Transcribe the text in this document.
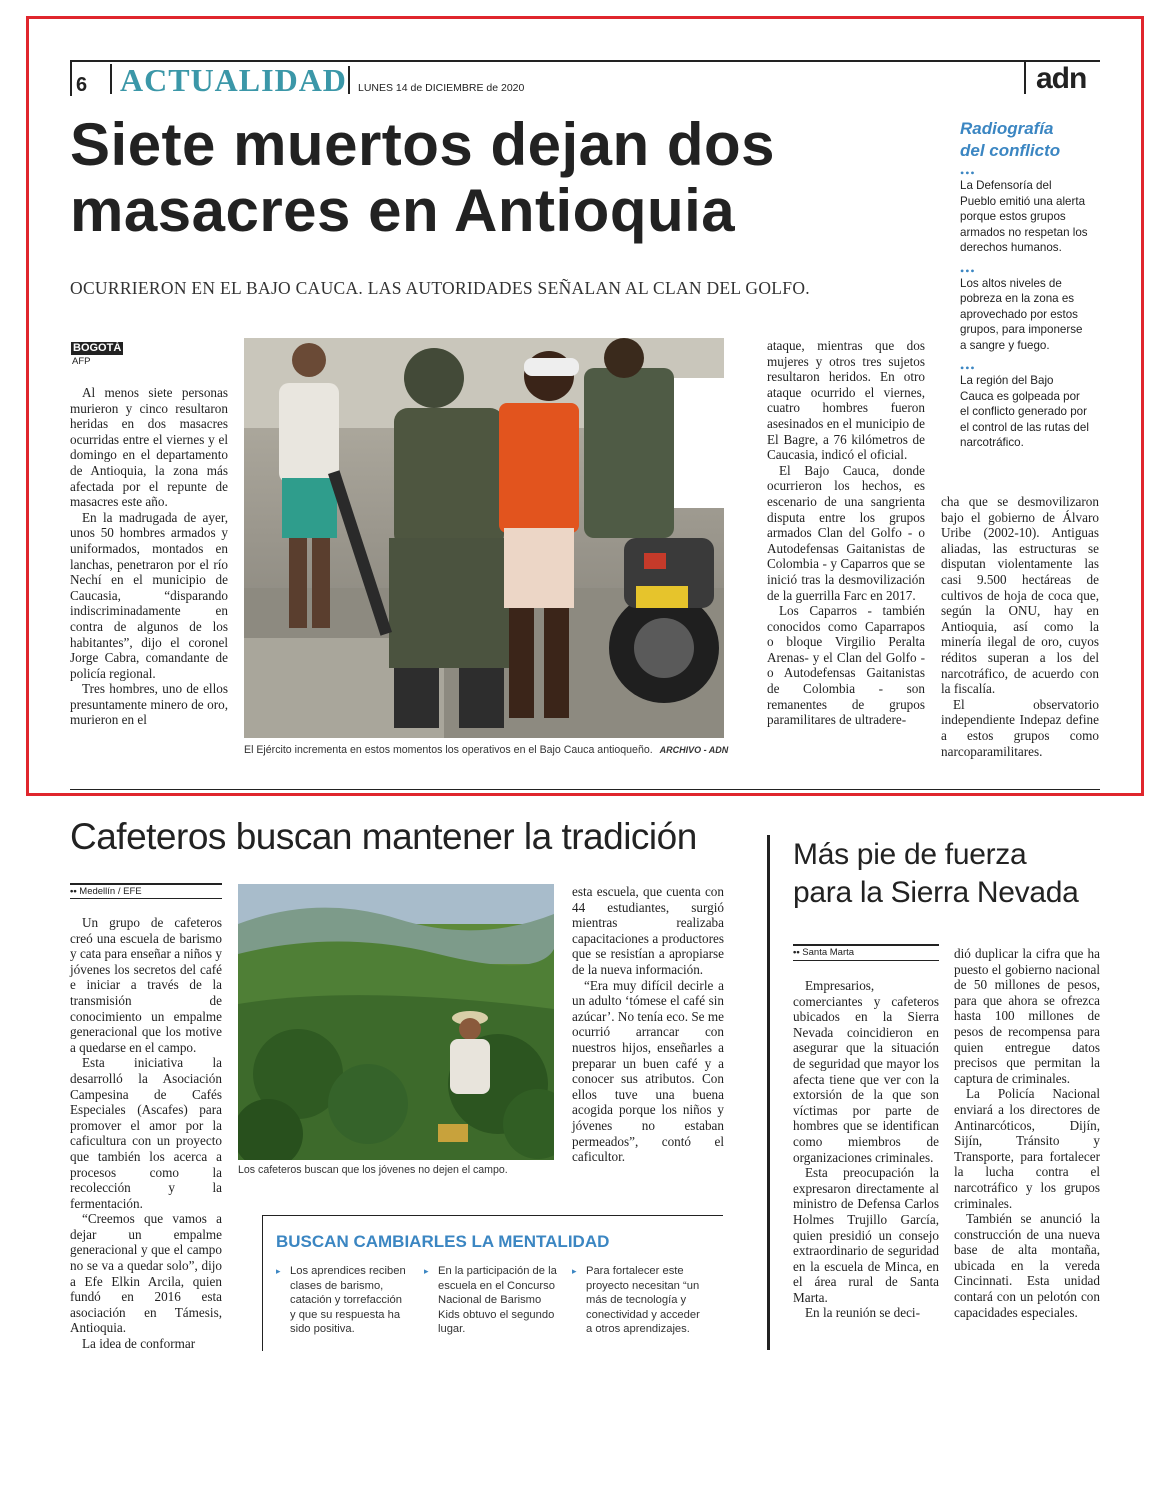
6 ACTUALIDAD LUNES 14 de DICIEMBRE de 2020	adn
Siete muertos dejan dos
masacres en Antioquia
OCURRIERON EN EL BAJO CAUCA. LAS AUTORIDADES SEÑALAN AL CLAN DEL GOLFO.
Radiografía
del conflicto
•••
La Defensoría del Pueblo emitió una alerta porque estos grupos armados no respetan los derechos humanos.
•••
Los altos niveles de pobreza en la zona es aprovechado por estos grupos, para imponerse a sangre y fuego.
•••
La región del Bajo Cauca es golpeada por el conflicto generado por el control de las rutas del narcotráfico.
BOGOTÁ
AFP

Al menos siete personas murieron y cinco resultaron heridas en dos masacres ocurridas entre el viernes y el domingo en el departamento de Antioquia, la zona más afectada por el repunte de masacres este año.

En la madrugada de ayer, unos 50 hombres armados y uniformados, montados en lanchas, penetraron por el río Nechí en el municipio de Caucasia, “disparando indiscriminadamente en contra de algunos de los habitantes”, dijo el coronel Jorge Cabra, comandante de policía regional.

Tres hombres, uno de ellos presuntamente minero de oro, murieron en el

El Ejército incrementa en estos momentos los operativos en el Bajo Cauca antioqueño. ARCHIVO - ADN

ataque, mientras que dos mujeres y otros tres sujetos resultaron heridos. En otro ataque ocurrido el viernes, cuatro hombres fueron asesinados en el municipio de El Bagre, a 76 kilómetros de Caucasia, indicó el oficial.

El Bajo Cauca, donde ocurrieron los hechos, es escenario de una sangrienta disputa entre los grupos armados Clan del Golfo - o Autodefensas Gaitanistas de Colombia - y Caparros que se inició tras la desmovilización de la guerrilla Farc en 2017.

Los Caparros - también conocidos como Caparrapos o bloque Virgilio Peralta Arenas- y el Clan del Golfo - o Autodefensas Gaitanistas de Colombia - son remanentes de grupos paramilitares de ultradere-

cha que se desmovilizaron bajo el gobierno de Álvaro Uribe (2002-10). Antiguas aliadas, las estructuras se disputan violentamente las casi 9.500 hectáreas de cultivos de hoja de coca que, según la ONU, hay en Antioquia, así como la minería ilegal de oro, cuyos réditos superan a los del narcotráfico, de acuerdo con la fiscalía.

El observatorio independiente Indepaz define a estos grupos como narcoparamilitares.

Cafeteros buscan mantener la tradición
•• Medellín / EFE

Un grupo de cafeteros creó una escuela de barismo y cata para enseñar a niños y jóvenes los secretos del café e iniciar a través de la transmisión de conocimiento un empalme generacional que los motive a quedarse en el campo.

Esta iniciativa la desarrolló la Asociación Campesina de Cafés Especiales (Ascafes) para promover el amor por la caficultura con un proyecto que también los acerca a procesos como la recolección y la fermentación.

“Creemos que vamos a dejar un empalme generacional y que el campo no se va a quedar solo”, dijo a Efe Elkin Arcila, quien fundó en 2016 esta asociación en Támesis, Antioquia.

La idea de conformar

Los cafeteros buscan que los jóvenes no dejen el campo.

esta escuela, que cuenta con 44 estudiantes, surgió mientras realizaba capacitaciones a productores que se resistían a apropiarse de la nueva información.

“Era muy difícil decirle a un adulto ‘tómese el café sin azúcar’. No tenía eco. Se me ocurrió arrancar con nuestros hijos, enseñarles a preparar un buen café y a conocer sus atributos. Con ellos tuve una buena acogida porque los niños y jóvenes no estaban permeados”, contó el caficultor.

BUSCAN CAMBIARLES LA MENTALIDAD
▸ Los aprendices reciben clases de barismo, catación y torrefacción y que su respuesta ha sido positiva.
▸ En la participación de la escuela en el Concurso Nacional de Barismo Kids obtuvo el segundo lugar.
▸ Para fortalecer este proyecto necesitan “un más de tecnología y conectividad y acceder a otros aprendizajes.
Más pie de fuerza
para la Sierra Nevada
•• Santa Marta

Empresarios, comerciantes y cafeteros ubicados en la Sierra Nevada coincidieron en asegurar que la situación de seguridad que mayor los afecta tiene que ver con la extorsión de la que son víctimas por parte de hombres que se identifican como miembros de organizaciones criminales.

Esta preocupación la expresaron directamente al ministro de Defensa Carlos Holmes Trujillo García, quien presidió un consejo extraordinario de seguridad en la escuela de Minca, en el área rural de Santa Marta.

En la reunión se deci-

dió duplicar la cifra que ha puesto el gobierno nacional de 50 millones de pesos, para que ahora se ofrezca hasta 100 millones de pesos de recompensa para quien entregue datos precisos que permitan la captura de criminales.

La Policía Nacional enviará a los directores de Antinarcóticos, Dijín, Sijín, Tránsito y Transporte, para fortalecer la lucha contra el narcotráfico y los grupos criminales.

También se anunció la construcción de una nueva base de alta montaña, ubicada en la vereda Cincinnati. Esta unidad contará con un pelotón con capacidades especiales.
